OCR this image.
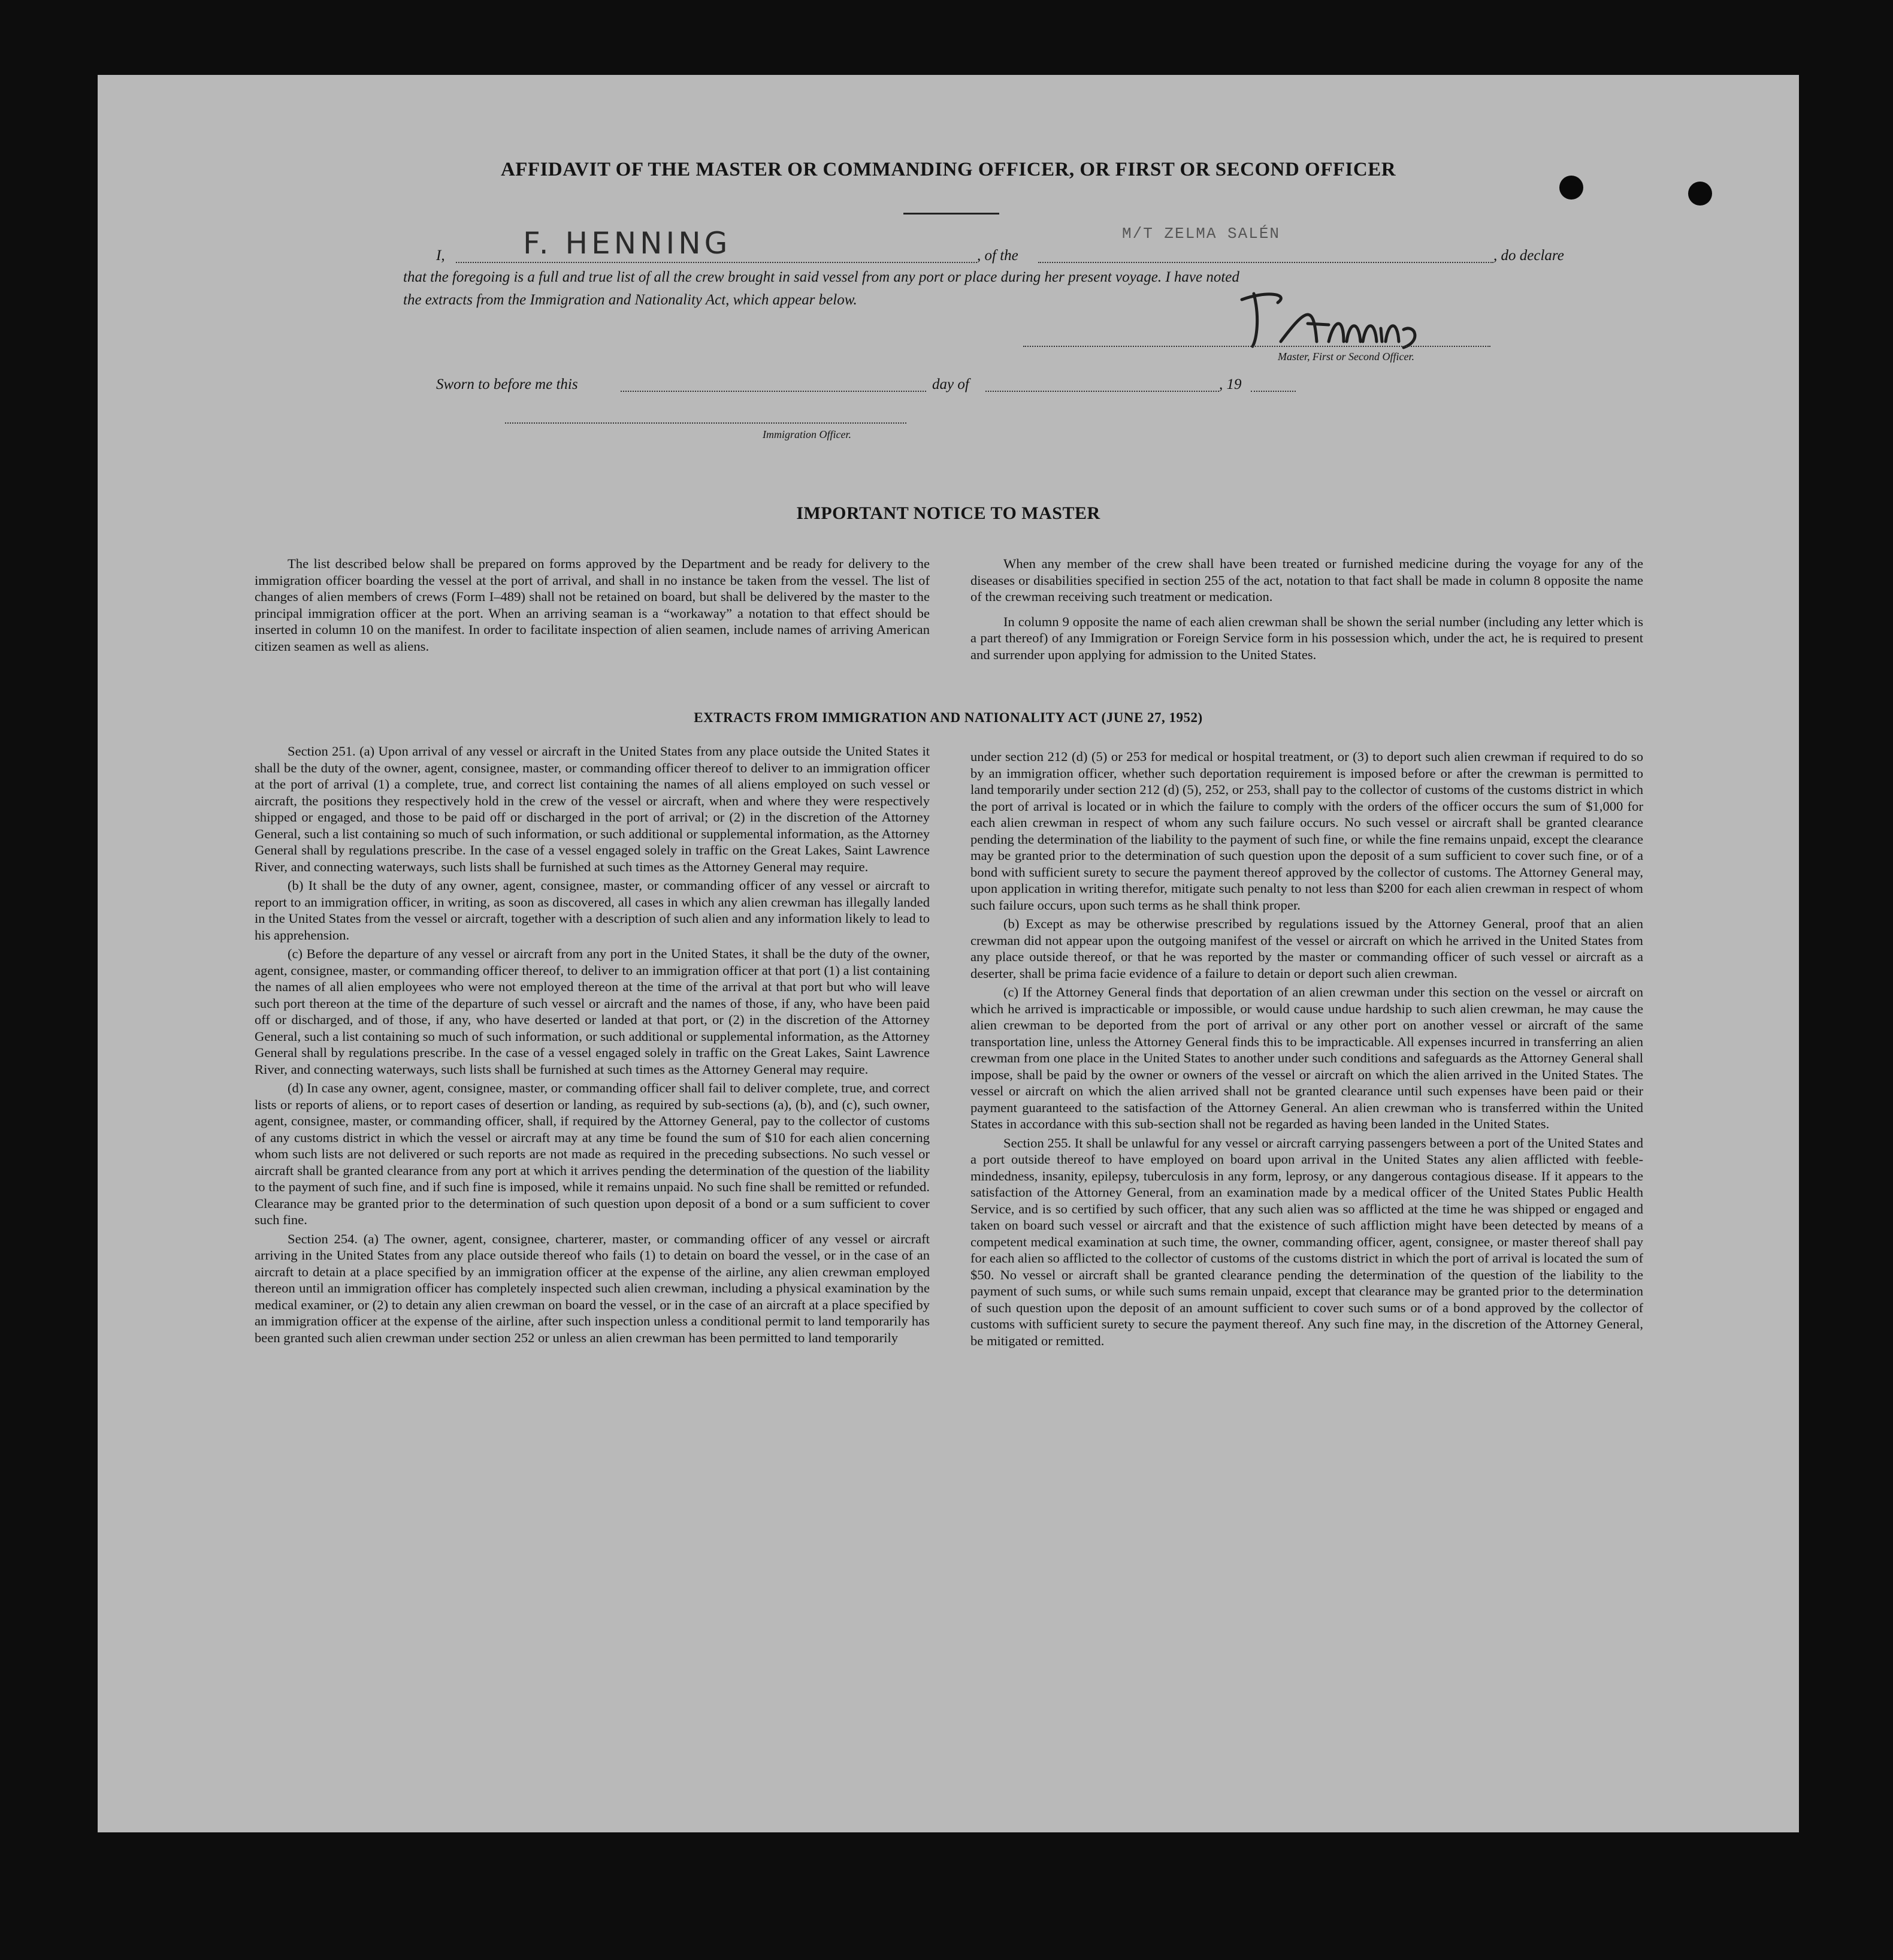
AFFIDAVIT OF THE MASTER OR COMMANDING OFFICER, OR FIRST OR SECOND OFFICER
I,	F. HENNING	, of the
M/T ZELMA SALÉN
, do declare
that the foregoing is a full and true list of all the crew brought in said vessel from any port or place during her present voyage. I have noted
the extracts from the Immigration and Nationality Act, which appear below.
Master, First or Second Officer.
Sworn to before me this	day of	, 19
Immigration Officer.
IMPORTANT NOTICE TO MASTER

The list described below shall be prepared on forms approved by the Department and be ready for delivery to the immigration officer boarding the vessel at the port of arrival, and shall in no instance be taken from the vessel. The list of changes of alien members of crews (Form I–489) shall not be retained on board, but shall be delivered by the master to the principal immigration officer at the port. When an arriving seaman is a “workaway” a notation to that effect should be inserted in column 10 on the manifest. In order to facilitate inspection of alien seamen, include names of arriving American citizen seamen as well as aliens.

When any member of the crew shall have been treated or furnished medicine during the voyage for any of the diseases or disabilities specified in section 255 of the act, notation to that fact shall be made in column 8 opposite the name of the crewman receiving such treatment or medication.

In column 9 opposite the name of each alien crewman shall be shown the serial number (including any letter which is a part thereof) of any Immigration or Foreign Service form in his possession which, under the act, he is required to present and surrender upon applying for admission to the United States.

EXTRACTS FROM IMMIGRATION AND NATIONALITY ACT (JUNE 27, 1952)

Section 251. (a) Upon arrival of any vessel or aircraft in the United States from any place outside the United States it shall be the duty of the owner, agent, consignee, master, or commanding officer thereof to deliver to an immigration officer at the port of arrival (1) a complete, true, and correct list containing the names of all aliens employed on such vessel or aircraft, the positions they respectively hold in the crew of the vessel or aircraft, when and where they were respectively shipped or engaged, and those to be paid off or discharged in the port of arrival; or (2) in the discretion of the Attorney General, such a list containing so much of such information, or such additional or supplemental information, as the Attorney General shall by regulations prescribe. In the case of a vessel engaged solely in traffic on the Great Lakes, Saint Lawrence River, and connecting waterways, such lists shall be furnished at such times as the Attorney General may require.

(b) It shall be the duty of any owner, agent, consignee, master, or commanding officer of any vessel or aircraft to report to an immigration officer, in writing, as soon as discovered, all cases in which any alien crewman has illegally landed in the United States from the vessel or aircraft, together with a description of such alien and any information likely to lead to his apprehension.

(c) Before the departure of any vessel or aircraft from any port in the United States, it shall be the duty of the owner, agent, consignee, master, or commanding officer thereof, to deliver to an immigration officer at that port (1) a list containing the names of all alien employees who were not employed thereon at the time of the arrival at that port but who will leave such port thereon at the time of the departure of such vessel or aircraft and the names of those, if any, who have been paid off or discharged, and of those, if any, who have deserted or landed at that port, or (2) in the discretion of the Attorney General, such a list containing so much of such information, or such additional or supplemental information, as the Attorney General shall by regulations prescribe. In the case of a vessel engaged solely in traffic on the Great Lakes, Saint Lawrence River, and connecting waterways, such lists shall be furnished at such times as the Attorney General may require.

(d) In case any owner, agent, consignee, master, or commanding officer shall fail to deliver complete, true, and correct lists or reports of aliens, or to report cases of desertion or landing, as required by sub-sections (a), (b), and (c), such owner, agent, consignee, master, or commanding officer, shall, if required by the Attorney General, pay to the collector of customs of any customs district in which the vessel or aircraft may at any time be found the sum of $10 for each alien concerning whom such lists are not delivered or such reports are not made as required in the preceding subsections. No such vessel or aircraft shall be granted clearance from any port at which it arrives pending the determination of the question of the liability to the payment of such fine, and if such fine is imposed, while it remains unpaid. No such fine shall be remitted or refunded. Clearance may be granted prior to the determination of such question upon deposit of a bond or a sum sufficient to cover such fine.

Section 254. (a) The owner, agent, consignee, charterer, master, or commanding officer of any vessel or aircraft arriving in the United States from any place outside thereof who fails (1) to detain on board the vessel, or in the case of an aircraft to detain at a place specified by an immigration officer at the expense of the airline, any alien crewman employed thereon until an immigration officer has completely inspected such alien crewman, including a physical examination by the medical examiner, or (2) to detain any alien crewman on board the vessel, or in the case of an aircraft at a place specified by an immigration officer at the expense of the airline, after such inspection unless a conditional permit to land temporarily has been granted such alien crewman under section 252 or unless an alien crewman has been permitted to land temporarily

under section 212 (d) (5) or 253 for medical or hospital treatment, or (3) to deport such alien crewman if required to do so by an immigration officer, whether such deportation requirement is imposed before or after the crewman is permitted to land temporarily under section 212 (d) (5), 252, or 253, shall pay to the collector of customs of the customs district in which the port of arrival is located or in which the failure to comply with the orders of the officer occurs the sum of $1,000 for each alien crewman in respect of whom any such failure occurs. No such vessel or aircraft shall be granted clearance pending the determination of the liability to the payment of such fine, or while the fine remains unpaid, except the clearance may be granted prior to the determination of such question upon the deposit of a sum sufficient to cover such fine, or of a bond with sufficient surety to secure the payment thereof approved by the collector of customs. The Attorney General may, upon application in writing therefor, mitigate such penalty to not less than $200 for each alien crewman in respect of whom such failure occurs, upon such terms as he shall think proper.

(b) Except as may be otherwise prescribed by regulations issued by the Attorney General, proof that an alien crewman did not appear upon the outgoing manifest of the vessel or aircraft on which he arrived in the United States from any place outside thereof, or that he was reported by the master or commanding officer of such vessel or aircraft as a deserter, shall be prima facie evidence of a failure to detain or deport such alien crewman.

(c) If the Attorney General finds that deportation of an alien crewman under this section on the vessel or aircraft on which he arrived is impracticable or impossible, or would cause undue hardship to such alien crewman, he may cause the alien crewman to be deported from the port of arrival or any other port on another vessel or aircraft of the same transportation line, unless the Attorney General finds this to be impracticable. All expenses incurred in transferring an alien crewman from one place in the United States to another under such conditions and safeguards as the Attorney General shall impose, shall be paid by the owner or owners of the vessel or aircraft on which the alien arrived in the United States. The vessel or aircraft on which the alien arrived shall not be granted clearance until such expenses have been paid or their payment guaranteed to the satisfaction of the Attorney General. An alien crewman who is transferred within the United States in accordance with this sub-section shall not be regarded as having been landed in the United States.

Section 255. It shall be unlawful for any vessel or aircraft carrying passengers between a port of the United States and a port outside thereof to have employed on board upon arrival in the United States any alien afflicted with feeble-mindedness, insanity, epilepsy, tuberculosis in any form, leprosy, or any dangerous contagious disease. If it appears to the satisfaction of the Attorney General, from an examination made by a medical officer of the United States Public Health Service, and is so certified by such officer, that any such alien was so afflicted at the time he was shipped or engaged and taken on board such vessel or aircraft and that the existence of such affliction might have been detected by means of a competent medical examination at such time, the owner, commanding officer, agent, consignee, or master thereof shall pay for each alien so afflicted to the collector of customs of the customs district in which the port of arrival is located the sum of $50. No vessel or aircraft shall be granted clearance pending the determination of the question of the liability to the payment of such sums, or while such sums remain unpaid, except that clearance may be granted prior to the determination of such question upon the deposit of an amount sufficient to cover such sums or of a bond approved by the collector of customs with sufficient surety to secure the payment thereof. Any such fine may, in the discretion of the Attorney General, be mitigated or remitted.
